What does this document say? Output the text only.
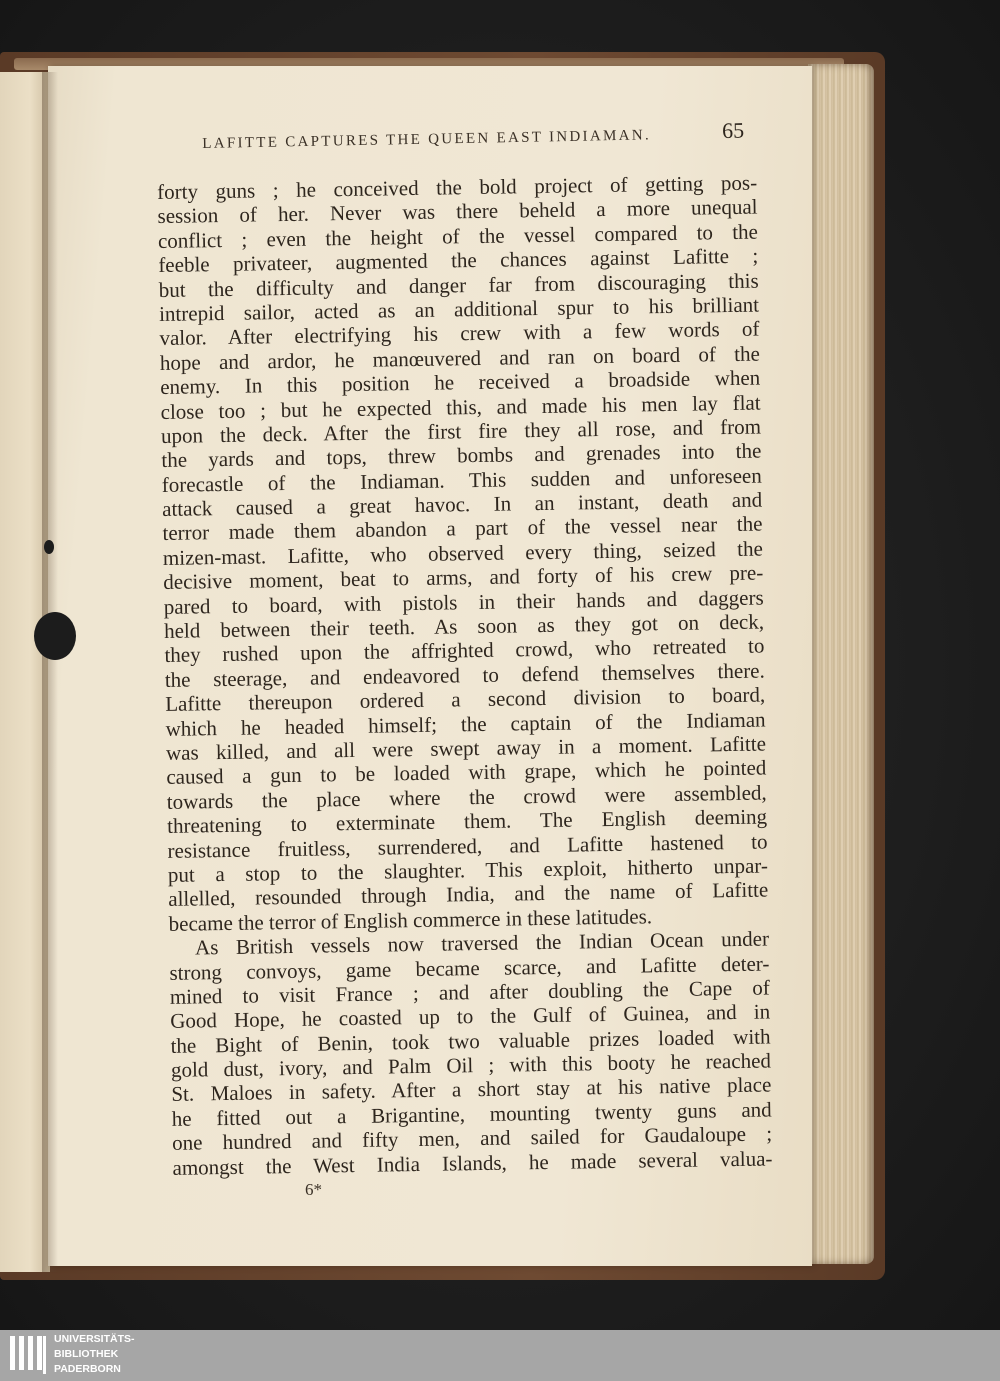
LAFITTE CAPTURES THE QUEEN EAST INDIAMAN.	65
forty guns ; he conceived the bold project of getting pos-
session of her. Never was there beheld a more unequal
conflict ; even the height of the vessel compared to the
feeble privateer, augmented the chances against Lafitte ;
but the difficulty and danger far from discouraging this
intrepid sailor, acted as an additional spur to his brilliant
valor. After electrifying his crew with a few words of
hope and ardor, he manœuvered and ran on board of the
enemy. In this position he received a broadside when
close too ; but he expected this, and made his men lay flat
upon the deck. After the first fire they all rose, and from
the yards and tops, threw bombs and grenades into the
forecastle of the Indiaman. This sudden and unforeseen
attack caused a great havoc. In an instant, death and
terror made them abandon a part of the vessel near the
mizen-mast. Lafitte, who observed every thing, seized the
decisive moment, beat to arms, and forty of his crew pre-
pared to board, with pistols in their hands and daggers
held between their teeth. As soon as they got on deck,
they rushed upon the affrighted crowd, who retreated to
the steerage, and endeavored to defend themselves there.
Lafitte thereupon ordered a second division to board,
which he headed himself; the captain of the Indiaman
was killed, and all were swept away in a moment. Lafitte
caused a gun to be loaded with grape, which he pointed
towards the place where the crowd were assembled,
threatening to exterminate them. The English deeming
resistance fruitless, surrendered, and Lafitte hastened to
put a stop to the slaughter. This exploit, hitherto unpar-
allelled, resounded through India, and the name of Lafitte
became the terror of English commerce in these latitudes.
As British vessels now traversed the Indian Ocean under
strong convoys, game became scarce, and Lafitte deter-
mined to visit France ; and after doubling the Cape of
Good Hope, he coasted up to the Gulf of Guinea, and in
the Bight of Benin, took two valuable prizes loaded with
gold dust, ivory, and Palm Oil ; with this booty he reached
St. Maloes in safety. After a short stay at his native place
he fitted out a Brigantine, mounting twenty guns and
one hundred and fifty men, and sailed for Gaudaloupe ;
amongst the West India Islands, he made several valua-
6*
UNIVERSITÄTS-
BIBLIOTHEK
PADERBORN
